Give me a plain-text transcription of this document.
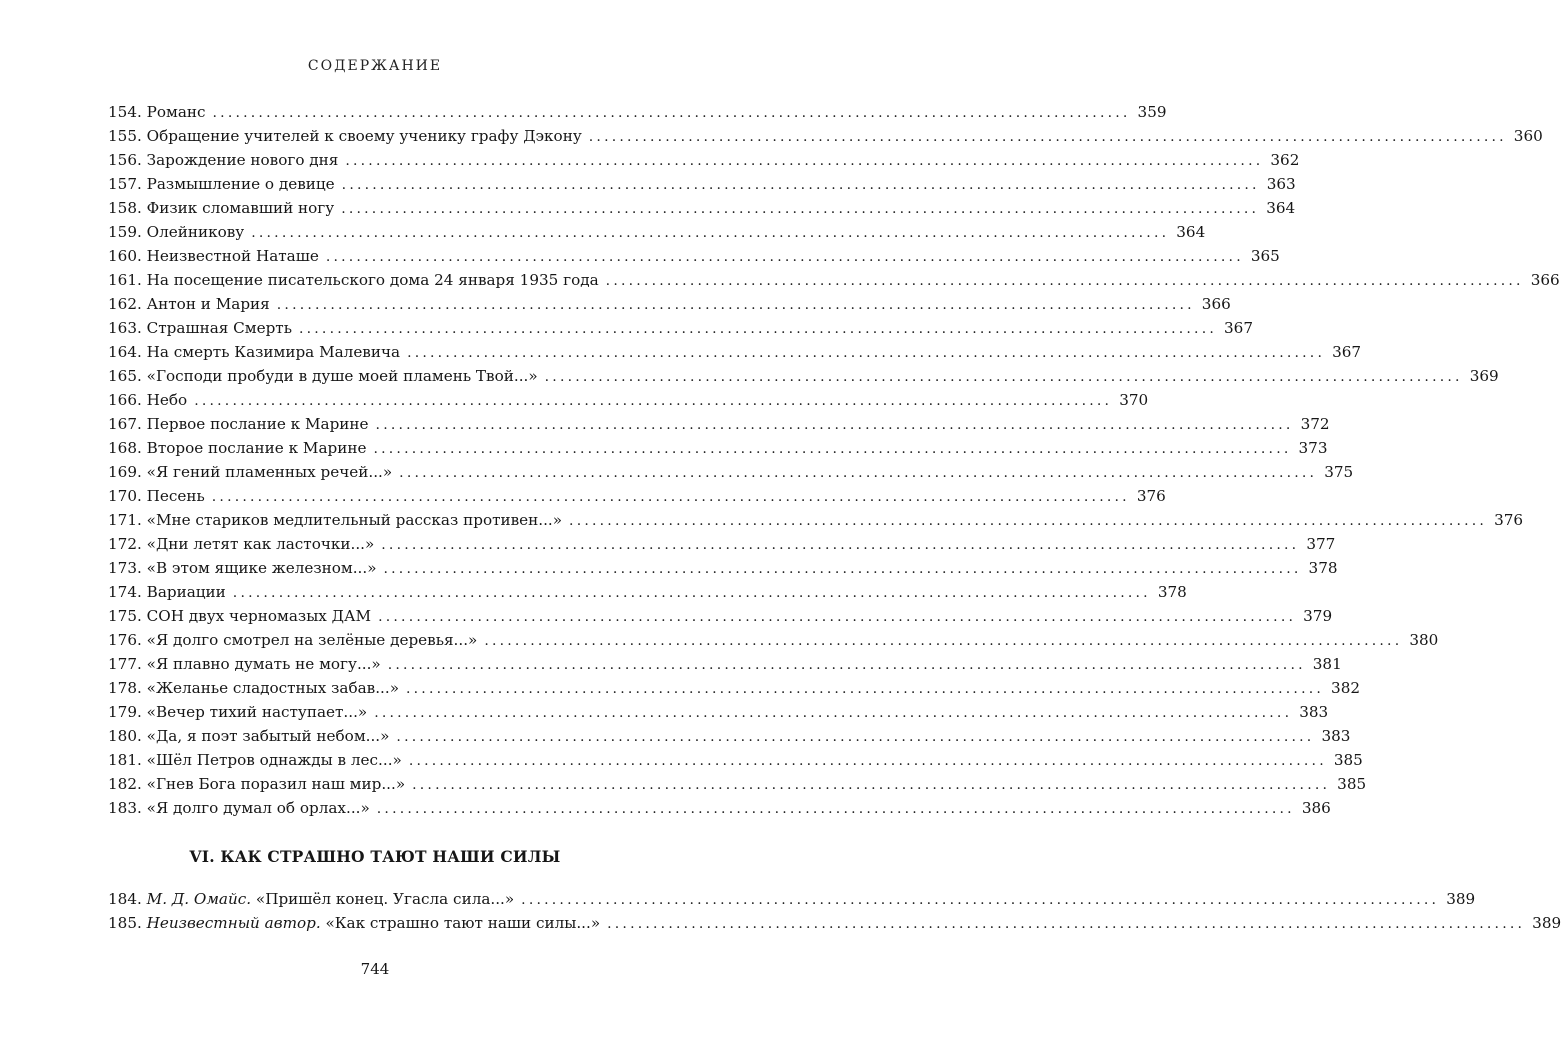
СОДЕРЖАНИЕ
154. Романс ........................................................................................................................ 359
155. Обращение учителей к своему ученику графу Дэкону ........................................................................................................................ 360
156. Зарождение нового дня ........................................................................................................................ 362
157. Размышление о девице ........................................................................................................................ 363
158. Физик сломавший ногу ........................................................................................................................ 364
159. Олейникову ........................................................................................................................ 364
160. Неизвестной Наташе ........................................................................................................................ 365
161. На посещение писательского дома 24 января 1935 года ........................................................................................................................ 366
162. Антон и Мария ........................................................................................................................ 366
163. Страшная Смерть ........................................................................................................................ 367
164. На смерть Казимира Малевича ........................................................................................................................ 367
165. «Господи пробуди в душе моей пламень Твой...» ........................................................................................................................ 369
166. Небо ........................................................................................................................ 370
167. Первое послание к Марине ........................................................................................................................ 372
168. Второе послание к Марине ........................................................................................................................ 373
169. «Я гений пламенных речей...» ........................................................................................................................ 375
170. Песень ........................................................................................................................ 376
171. «Мне стариков медлительный рассказ противен...» ........................................................................................................................ 376
172. «Дни летят как ласточки...» ........................................................................................................................ 377
173. «В этом ящике железном...» ........................................................................................................................ 378
174. Вариации ........................................................................................................................ 378
175. СОН двух черномазых ДАМ ........................................................................................................................ 379
176. «Я долго смотрел на зелёные деревья...» ........................................................................................................................ 380
177. «Я плавно думать не могу...» ........................................................................................................................ 381
178. «Желанье сладостных забав...» ........................................................................................................................ 382
179. «Вечер тихий наступает...» ........................................................................................................................ 383
180. «Да, я поэт забытый небом...» ........................................................................................................................ 383
181. «Шёл Петров однажды в лес...» ........................................................................................................................ 385
182. «Гнев Бога поразил наш мир...» ........................................................................................................................ 385
183. «Я долго думал об орлах...» ........................................................................................................................ 386
VI. КАК СТРАШНО ТАЮТ НАШИ СИЛЫ
184. М. Д. Омайс. «Пришёл конец. Угасла сила...» ........................................................................................................................ 389
185. Неизвестный автор. «Как страшно тают наши силы...» ........................................................................................................................ 389
744
